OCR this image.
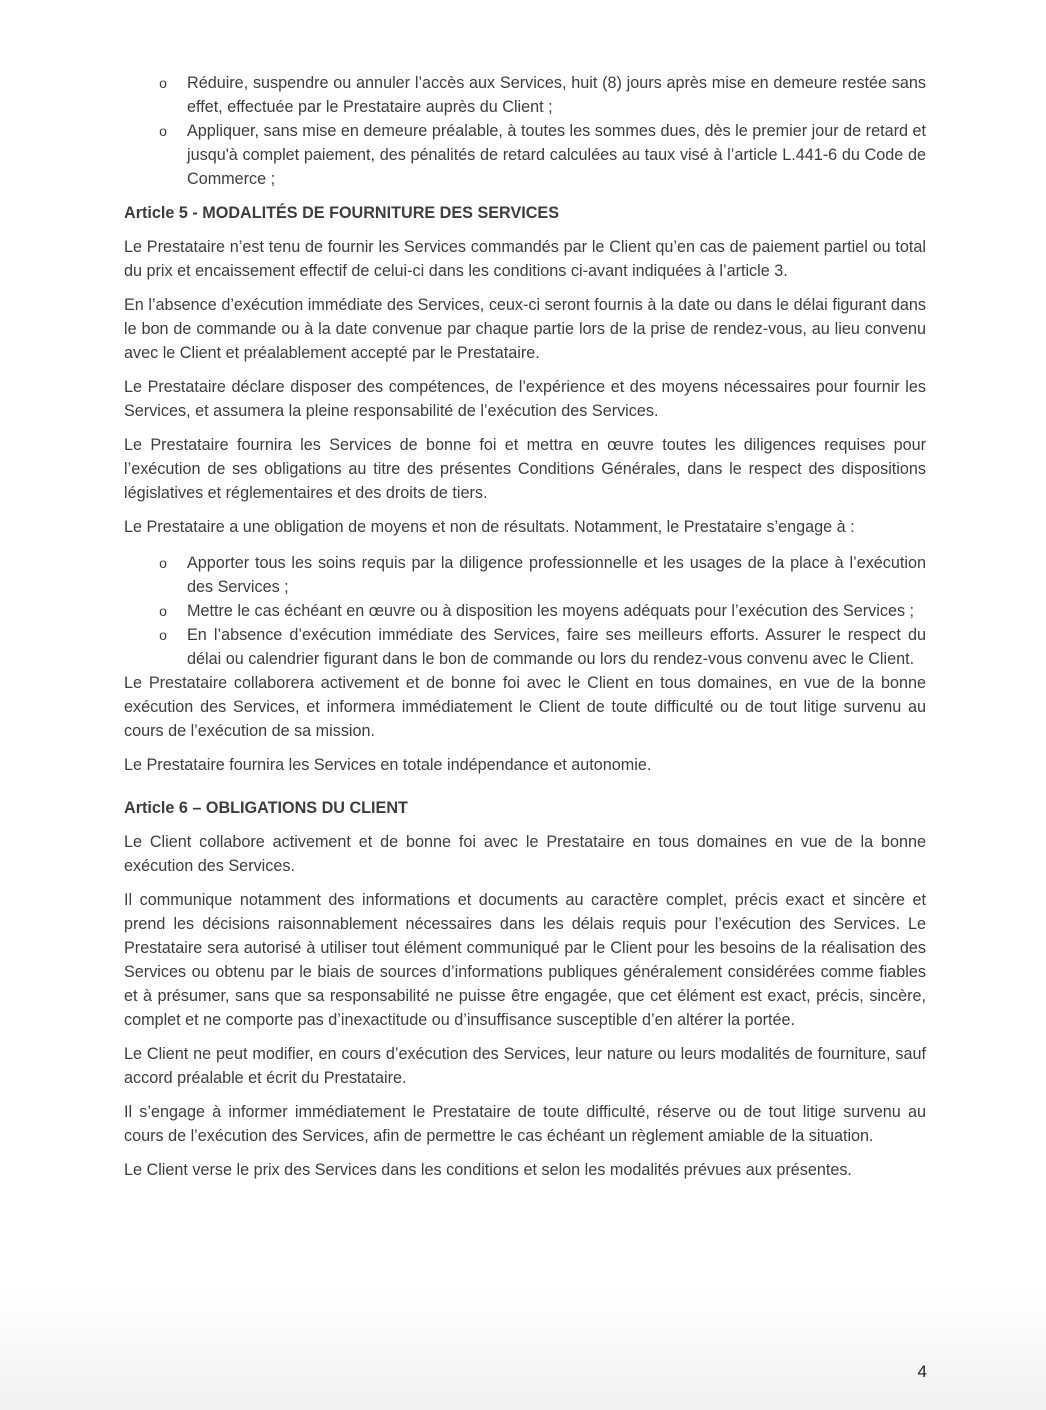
o Réduire, suspendre ou annuler l’accès aux Services, huit (8) jours après mise en demeure restée sans effet, effectuée par le Prestataire auprès du Client ;
o Appliquer, sans mise en demeure préalable, à toutes les sommes dues, dès le premier jour de retard et jusqu'à complet paiement, des pénalités de retard calculées au taux visé à l’article L.441-6 du Code de Commerce ;
Article 5 - MODALITÉS DE FOURNITURE DES SERVICES

Le Prestataire n’est tenu de fournir les Services commandés par le Client qu’en cas de paiement partiel ou total du prix et encaissement effectif de celui-ci dans les conditions ci-avant indiquées à l’article 3.

En l’absence d’exécution immédiate des Services, ceux-ci seront fournis à la date ou dans le délai figurant dans le bon de commande ou à la date convenue par chaque partie lors de la prise de rendez-vous, au lieu convenu avec le Client et préalablement accepté par le Prestataire.

Le Prestataire déclare disposer des compétences, de l’expérience et des moyens nécessaires pour fournir les Services, et assumera la pleine responsabilité de l’exécution des Services.

Le Prestataire fournira les Services de bonne foi et mettra en œuvre toutes les diligences requises pour l’exécution de ses obligations au titre des présentes Conditions Générales, dans le respect des dispositions législatives et réglementaires et des droits de tiers.

Le Prestataire a une obligation de moyens et non de résultats. Notamment, le Prestataire s’engage à :

o Apporter tous les soins requis par la diligence professionnelle et les usages de la place à l’exécution des Services ;
o Mettre le cas échéant en œuvre ou à disposition les moyens adéquats pour l’exécution des Services ;
o En l’absence d’exécution immédiate des Services, faire ses meilleurs efforts. Assurer le respect du délai ou calendrier figurant dans le bon de commande ou lors du rendez-vous convenu avec le Client.

Le Prestataire collaborera activement et de bonne foi avec le Client en tous domaines, en vue de la bonne exécution des Services, et informera immédiatement le Client de toute difficulté ou de tout litige survenu au cours de l’exécution de sa mission.

Le Prestataire fournira les Services en totale indépendance et autonomie.

Article 6 – OBLIGATIONS DU CLIENT

Le Client collabore activement et de bonne foi avec le Prestataire en tous domaines en vue de la bonne exécution des Services.

Il communique notamment des informations et documents au caractère complet, précis exact et sincère et prend les décisions raisonnablement nécessaires dans les délais requis pour l’exécution des Services. Le Prestataire sera autorisé à utiliser tout élément communiqué par le Client pour les besoins de la réalisation des Services ou obtenu par le biais de sources d’informations publiques généralement considérées comme fiables et à présumer, sans que sa responsabilité ne puisse être engagée, que cet élément est exact, précis, sincère, complet et ne comporte pas d’inexactitude ou d’insuffisance susceptible d’en altérer la portée.

Le Client ne peut modifier, en cours d’exécution des Services, leur nature ou leurs modalités de fourniture, sauf accord préalable et écrit du Prestataire.

Il s’engage à informer immédiatement le Prestataire de toute difficulté, réserve ou de tout litige survenu au cours de l’exécution des Services, afin de permettre le cas échéant un règlement amiable de la situation.

Le Client verse le prix des Services dans les conditions et selon les modalités prévues aux présentes.

4
